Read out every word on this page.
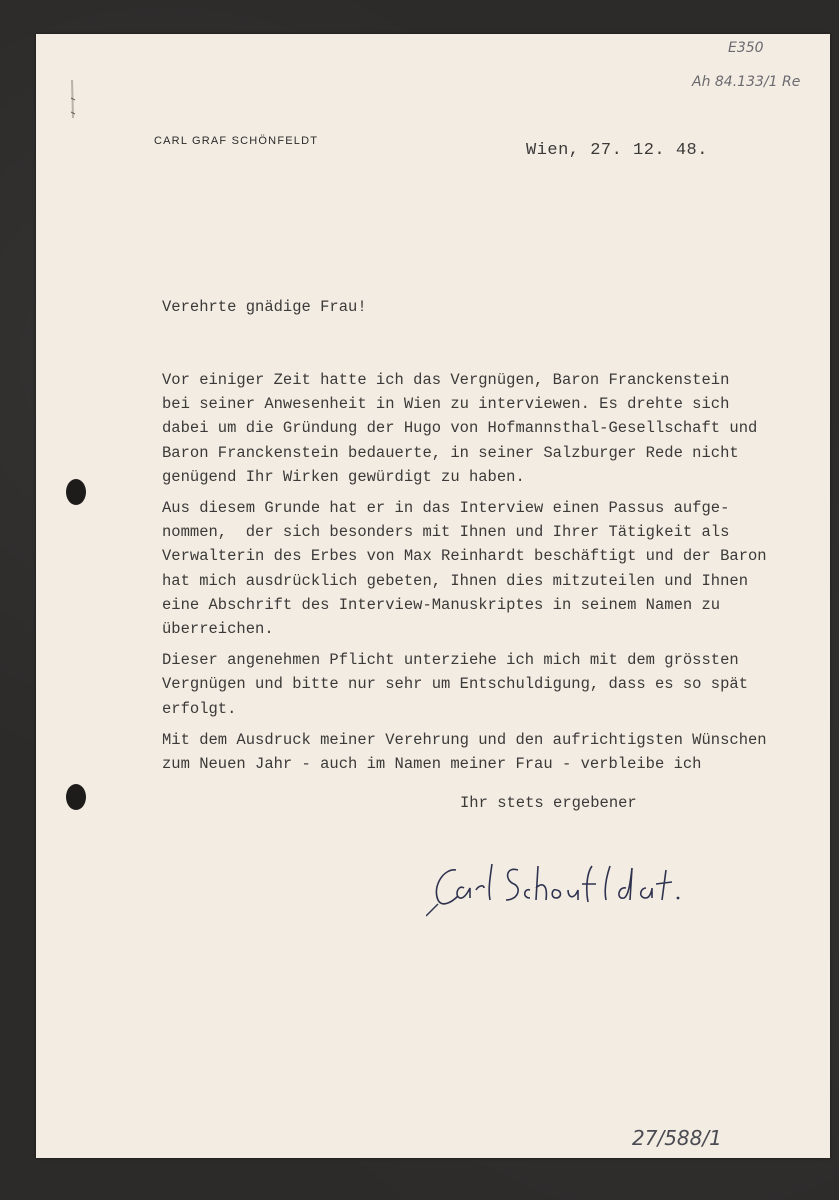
E350
Ah 84.133/1 Re
CARL GRAF SCHÖNFELDT	Wien, 27. 12. 48.
Verehrte gnädige Frau!

Vor einiger Zeit hatte ich das Vergnügen, Baron Franckenstein
bei seiner Anwesenheit in Wien zu interviewen. Es drehte sich
dabei um die Gründung der Hugo von Hofmannsthal-Gesellschaft und
Baron Franckenstein bedauerte, in seiner Salzburger Rede nicht
genügend Ihr Wirken gewürdigt zu haben.

Aus diesem Grunde hat er in das Interview einen Passus aufge-
nommen,  der sich besonders mit Ihnen und Ihrer Tätigkeit als
Verwalterin des Erbes von Max Reinhardt beschäftigt und der Baron
hat mich ausdrücklich gebeten, Ihnen dies mitzuteilen und Ihnen
eine Abschrift des Interview-Manuskriptes in seinem Namen zu
überreichen.

Dieser angenehmen Pflicht unterziehe ich mich mit dem grössten
Vergnügen und bitte nur sehr um Entschuldigung, dass es so spät
erfolgt.

Mit dem Ausdruck meiner Verehrung und den aufrichtigsten Wünschen
zum Neuen Jahr - auch im Namen meiner Frau - verbleibe ich

Ihr stets ergebener
27/588/1
